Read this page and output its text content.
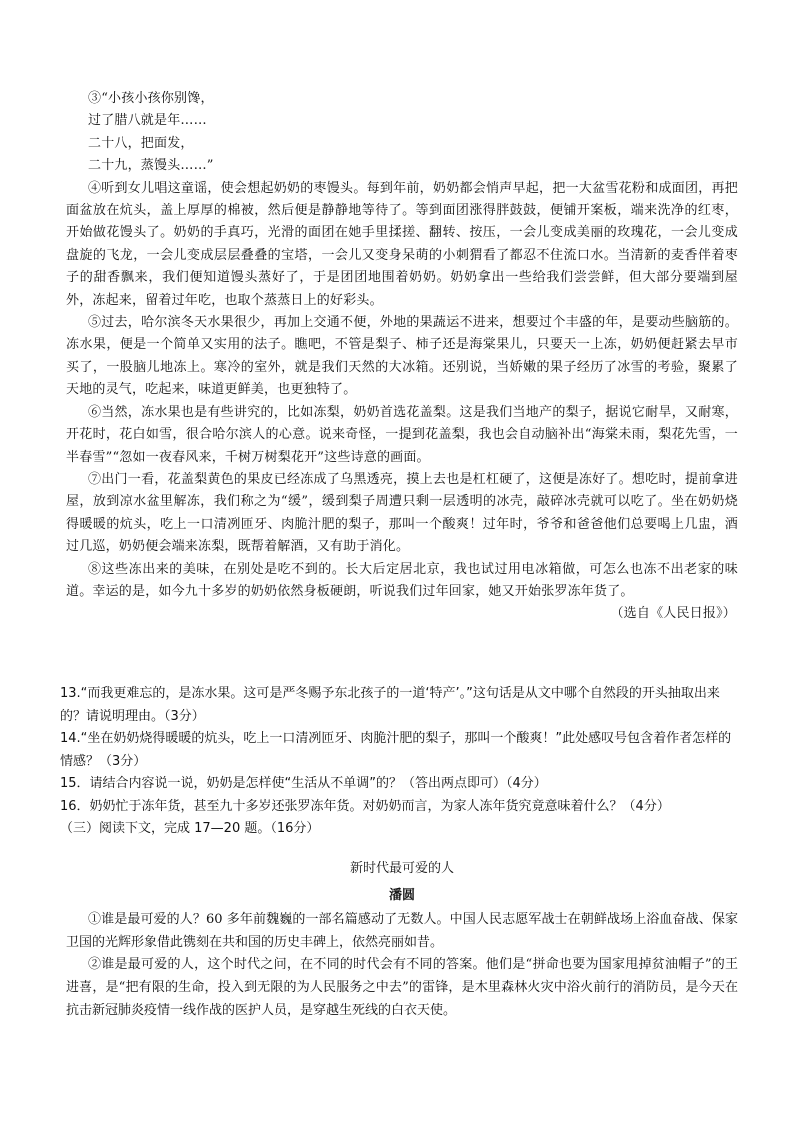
③“小孩小孩你别馋，

过了腊八就是年……

二十八，把面发，

二十九，蒸馒头……”

④听到女儿唱这童谣，使会想起奶奶的枣馒头。每到年前，奶奶都会悄声早起，把一大盆雪花粉和成面团，再把面盆放在炕头，盖上厚厚的棉被，然后便是静静地等待了。等到面团涨得胖鼓鼓，便铺开案板，端来洗净的红枣，开始做花馒头了。奶奶的手真巧，光滑的面团在她手里揉搓、翻转、按压，一会儿变成美丽的玫瑰花，一会儿变成盘旋的飞龙，一会儿变成层层叠叠的宝塔，一会儿又变身呆萌的小刺猬看了都忍不住流口水。当清新的麦香伴着枣子的甜香飘来，我们便知道馒头蒸好了，于是团团地围着奶奶。奶奶拿出一些给我们尝尝鲜，但大部分要端到屋外，冻起来，留着过年吃，也取个蒸蒸日上的好彩头。

⑤过去，哈尔滨冬天水果很少，再加上交通不便，外地的果蔬运不进来，想要过个丰盛的年，是要动些脑筋的。冻水果，便是一个简单又实用的法子。瞧吧，不管是梨子、柿子还是海棠果儿，只要天一上冻，奶奶便赶紧去早市买了，一股脑儿地冻上。寒冷的室外，就是我们天然的大冰箱。还别说，当娇嫩的果子经历了冰雪的考验，聚累了天地的灵气，吃起来，味道更鲜美，也更独特了。

⑥当然，冻水果也是有些讲究的，比如冻梨，奶奶首选花盖梨。这是我们当地产的梨子，据说它耐旱，又耐寒，开花时，花白如雪，很合哈尔滨人的心意。说来奇怪，一提到花盖梨，我也会自动脑补出“海棠未雨，梨花先雪，一半春雪”“忽如一夜春风来，千树万树梨花开”这些诗意的画面。

⑦出门一看，花盖梨黄色的果皮已经冻成了乌黑透亮，摸上去也是杠杠硬了，这便是冻好了。想吃时，提前拿进屋，放到凉水盆里解冻，我们称之为“缓”，缓到梨子周遭只剩一层透明的冰壳，敲碎冰壳就可以吃了。坐在奶奶烧得暖暖的炕头，吃上一口清冽匝牙、肉脆汁肥的梨子，那叫一个酸爽！过年时，爷爷和爸爸他们总要喝上几盅，酒过几巡，奶奶便会端来冻梨，既帮着解酒，又有助于消化。

⑧这些冻出来的美味，在别处是吃不到的。长大后定居北京，我也试过用电冰箱做，可怎么也冻不出老家的味道。幸运的是，如今九十多岁的奶奶依然身板硬朗，听说我们过年回家，她又开始张罗冻年货了。

（选自《人民日报》）

13.“而我更难忘的，是冻水果。这可是严冬赐予东北孩子的一道‘特产’。”这句话是从文中哪个自然段的开头抽取出来的？请说明理由。（3分）

14.“坐在奶奶烧得暖暖的炕头，吃上一口清冽匝牙、肉脆汁肥的梨子，那叫一个酸爽！”此处感叹号包含着作者怎样的情感？（3分）

15．请结合内容说一说，奶奶是怎样使“生活从不单调”的？（答出两点即可）（4分）

16．奶奶忙于冻年货，甚至九十多岁还张罗冻年货。对奶奶而言，为家人冻年货究竟意味着什么？（4分）

（三）阅读下文，完成 17—20 题。（16分）

新时代最可爱的人

潘圆

①谁是最可爱的人？60 多年前魏巍的一部名篇感动了无数人。中国人民志愿军战士在朝鲜战场上浴血奋战、保家卫国的光辉形象借此镌刻在共和国的历史丰碑上，依然亮丽如昔。

②谁是最可爱的人，这个时代之问，在不同的时代会有不同的答案。他们是“拼命也要为国家甩掉贫油帽子”的王进喜，是“把有限的生命，投入到无限的为人民服务之中去”的雷锋，是木里森林火灾中浴火前行的消防员，是今天在抗击新冠肺炎疫情一线作战的医护人员，是穿越生死线的白衣天使。
